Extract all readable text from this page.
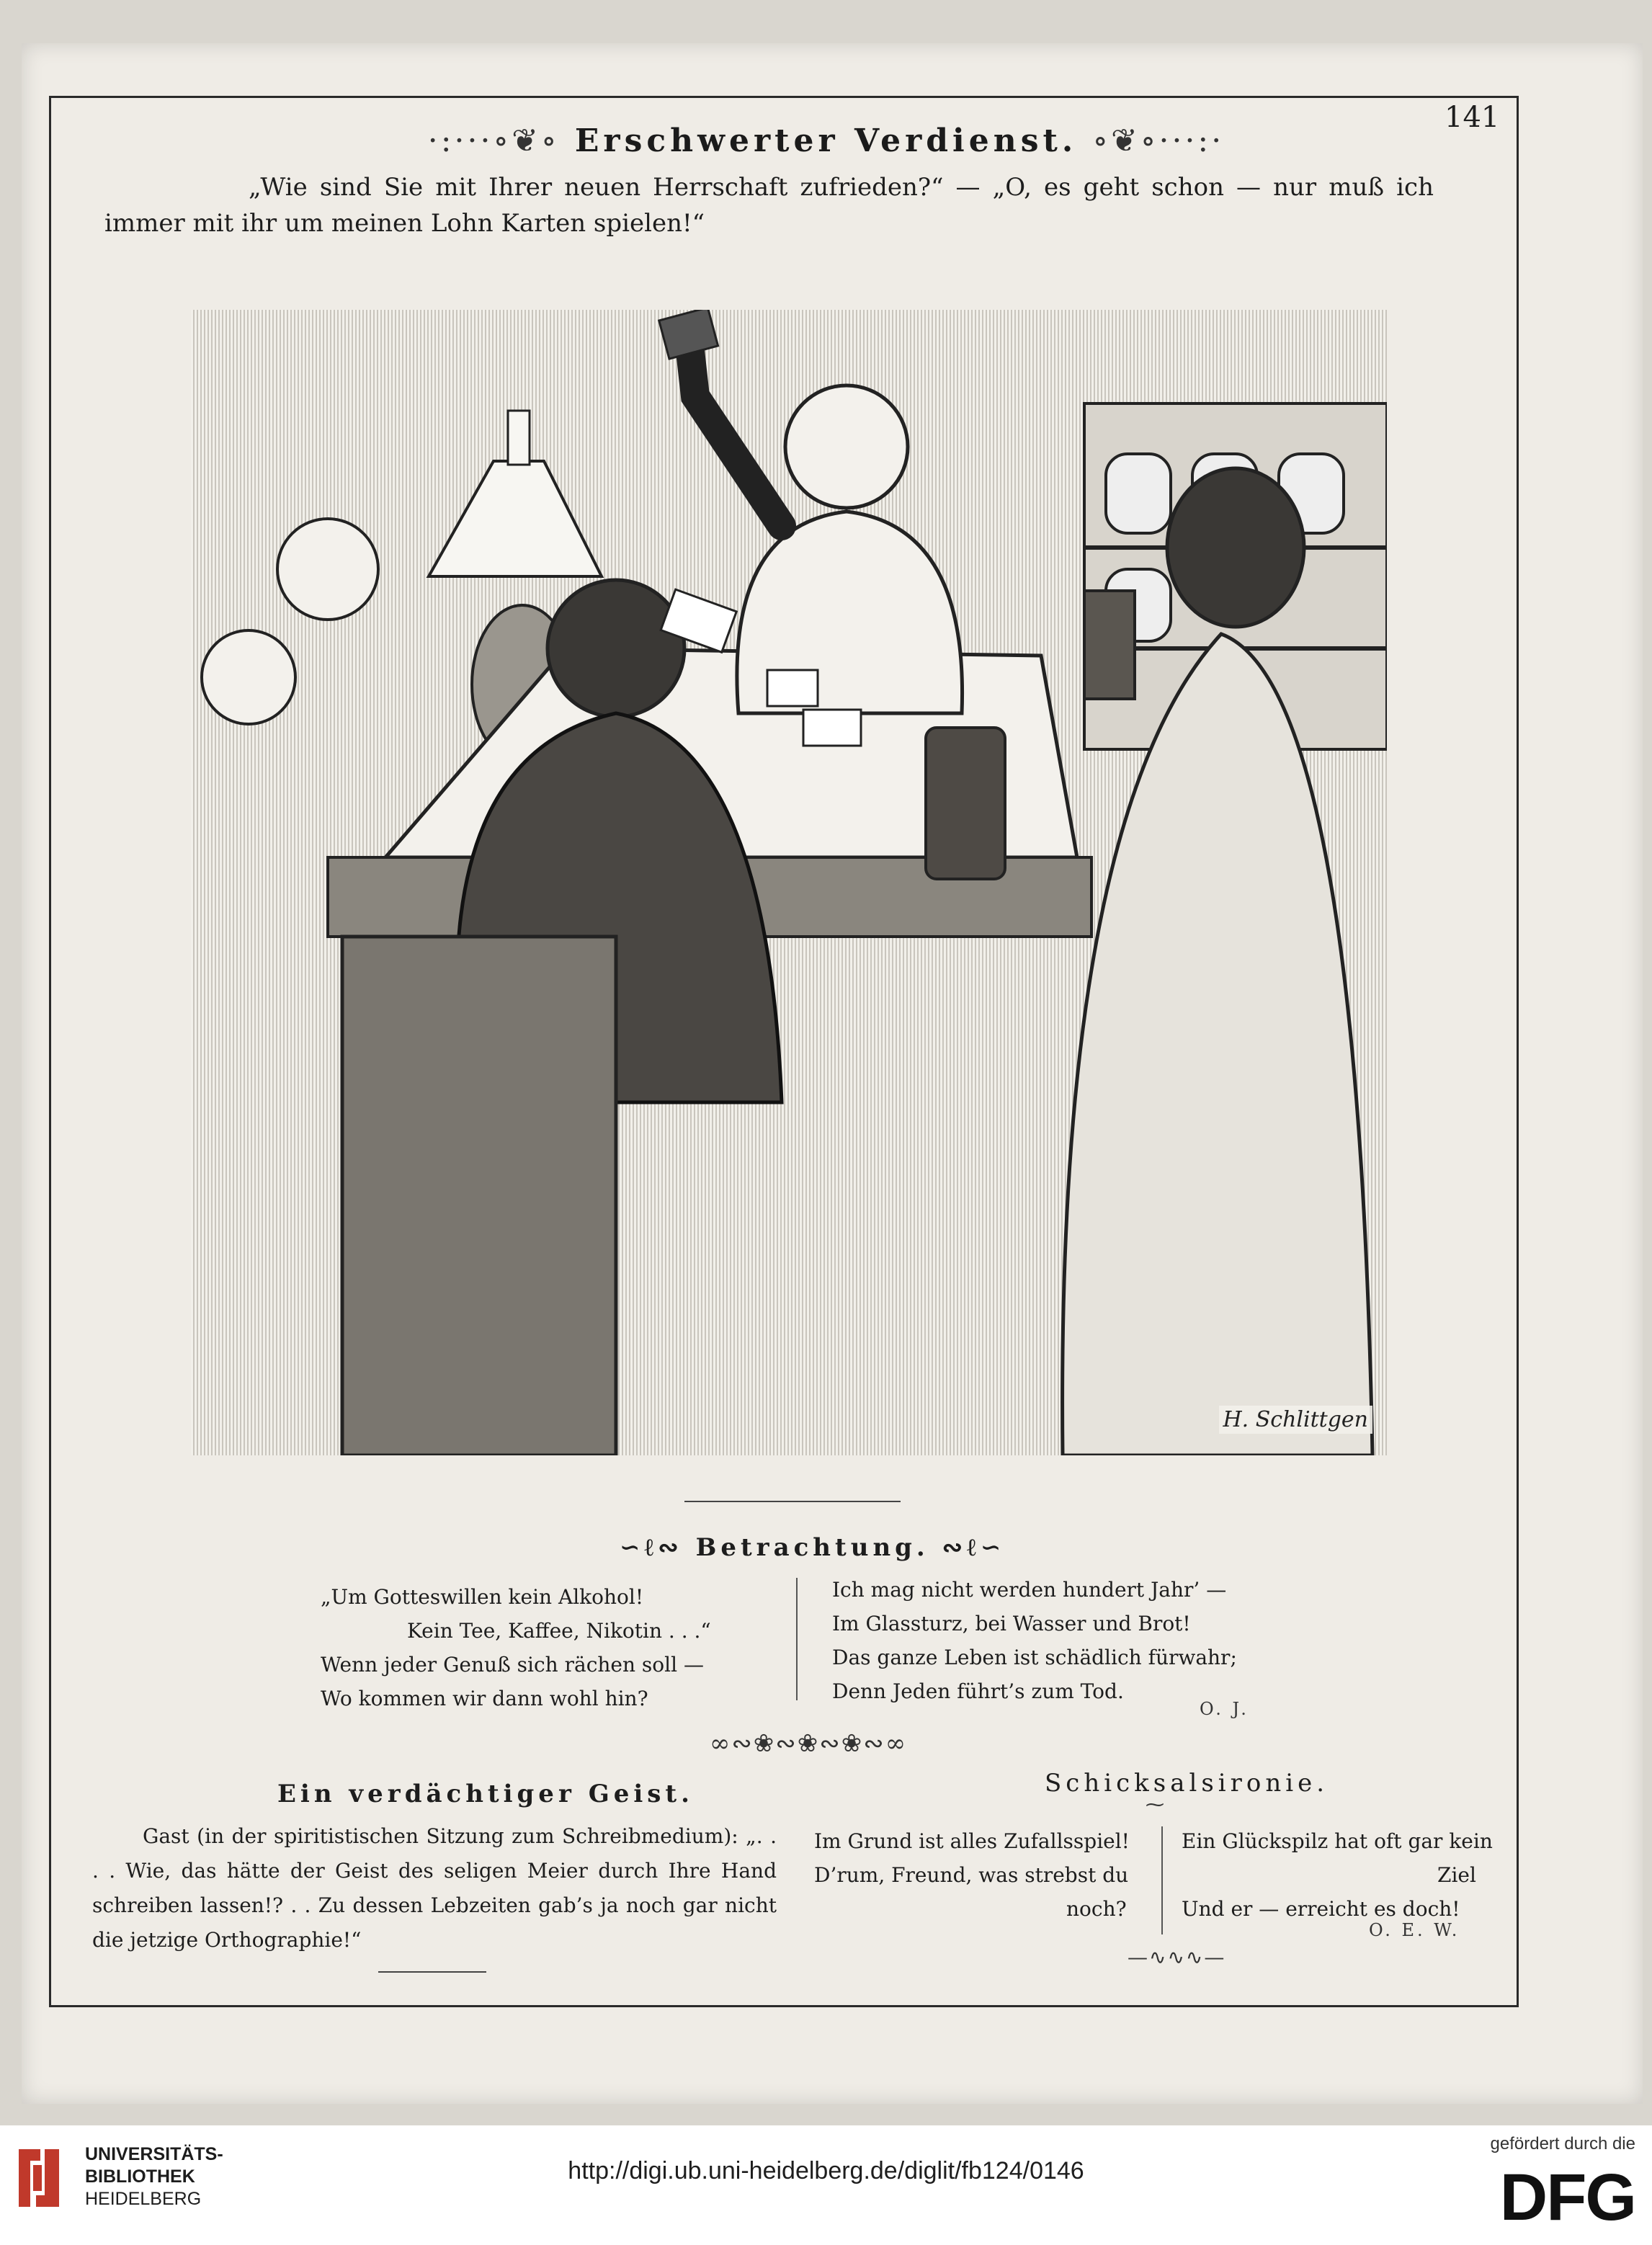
141
·:···∘❦∘ Erschwerter Verdienst. ∘❦∘···:·
„Wie sind Sie mit Ihrer neuen Herrschaft zufrieden?“ — „O, es geht schon — nur muß ich immer mit ihr um meinen Lohn Karten spielen!“
H. Schlittgen
∽ℓ∾ Betrachtung. ∾ℓ∽
„Um Gotteswillen kein Alkohol!
Kein Tee, Kaffee, Nikotin . . .“
Wenn jeder Genuß sich rächen soll —
Wo kommen wir dann wohl hin?
Ich mag nicht werden hundert Jahr’ —
Im Glassturz, bei Wasser und Brot!
Das ganze Leben ist schädlich fürwahr;
Denn Jeden führt’s zum Tod.
O. J.
∞∾❀∾❀∾❀∾∞
Ein verdächtiger Geist.
Gast (in der spiritistischen Sitzung zum Schreibmedium): „. . . . Wie, das hätte der Geist des seligen Meier durch Ihre Hand schreiben lassen!? . . Zu dessen Lebzeiten gab’s ja noch gar nicht die jetzige Orthographie!“
Schicksalsironie.
⁓
Im Grund ist alles Zufallsspiel!
D’rum, Freund, was strebst du
noch?
Ein Glückspilz hat oft gar kein
Ziel
Und er — erreicht es doch!
O. E. W.
—∿∿∿—
UNIVERSITÄTS-
BIBLIOTHEK
HEIDELBERG
http://digi.ub.uni-heidelberg.de/diglit/fb124/0146
gefördert durch die
DFG
